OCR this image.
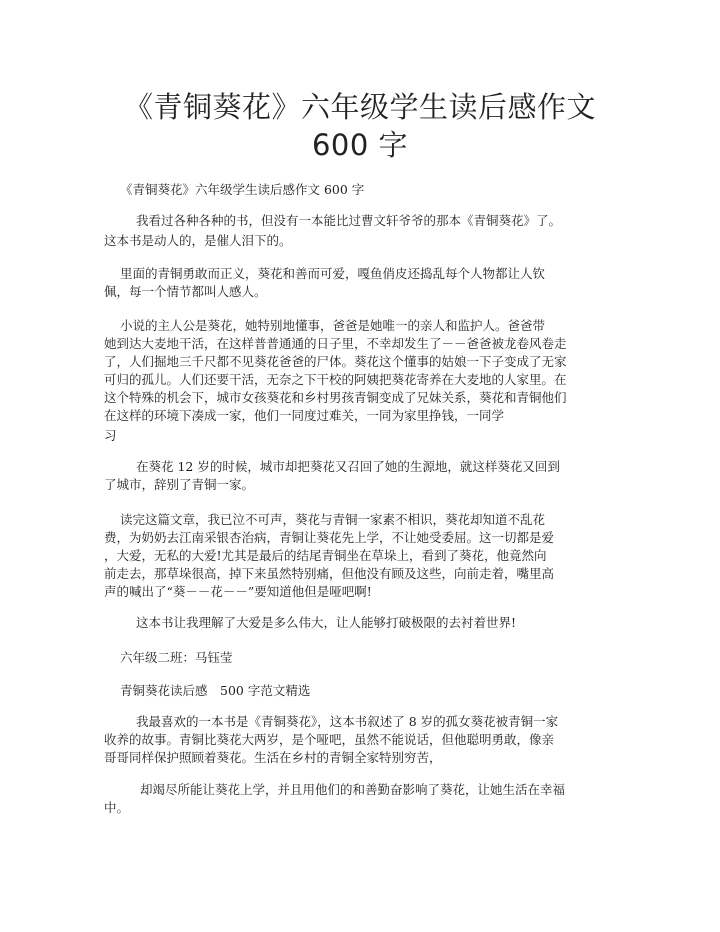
《青铜葵花》六年级学生读后感作文
600 字
《青铜葵花》六年级学生读后感作文 600 字
我看过各种各种的书，但没有一本能比过曹文轩爷爷的那本《青铜葵花》了。
这本书是动人的，是催人泪下的。
里面的青铜勇敢而正义，葵花和善而可爱，嘎鱼俏皮还捣乱每个人物都让人钦
佩，每一个情节都叫人感人。
小说的主人公是葵花，她特别地懂事，爸爸是她唯一的亲人和监护人。爸爸带
她到达大麦地干活，在这样普普通通的日子里，不幸却发生了－－爸爸被龙卷风卷走
了，人们掘地三千尺都不见葵花爸爸的尸体。葵花这个懂事的姑娘一下子变成了无家
可归的孤儿。人们还要干活，无奈之下干校的阿姨把葵花寄养在大麦地的人家里。在
这个特殊的机会下，城市女孩葵花和乡村男孩青铜变成了兄妹关系，葵花和青铜他们
在这样的环境下凑成一家，他们一同度过难关，一同为家里挣钱，一同学
习
在葵花 12 岁的时候，城市却把葵花又召回了她的生源地，就这样葵花又回到
了城市，辞别了青铜一家。
读完这篇文章，我已泣不可声，葵花与青铜一家素不相识，葵花却知道不乱花
费，为奶奶去江南采银杏治病，青铜让葵花先上学，不让她受委屈。这一切都是爱
，大爱，无私的大爱!尤其是最后的结尾青铜坐在草垛上，看到了葵花，他竟然向
前走去，那草垛很高，掉下来虽然特别痛，但他没有顾及这些，向前走着，嘴里高
声的喊出了“葵－－花－－”要知道他但是哑吧啊!
这本书让我理解了大爱是多么伟大，让人能够打破极限的去衬着世界!
六年级二班：马钰莹
青铜葵花读后感　500 字范文精选
我最喜欢的一本书是《青铜葵花》，这本书叙述了 8 岁的孤女葵花被青铜一家
收养的故事。青铜比葵花大两岁，是个哑吧，虽然不能说话，但他聪明勇敢，像亲
哥哥同样保护照顾着葵花。生活在乡村的青铜全家特别穷苦，
却竭尽所能让葵花上学，并且用他们的和善勤奋影响了葵花，让她生活在幸福
中。
